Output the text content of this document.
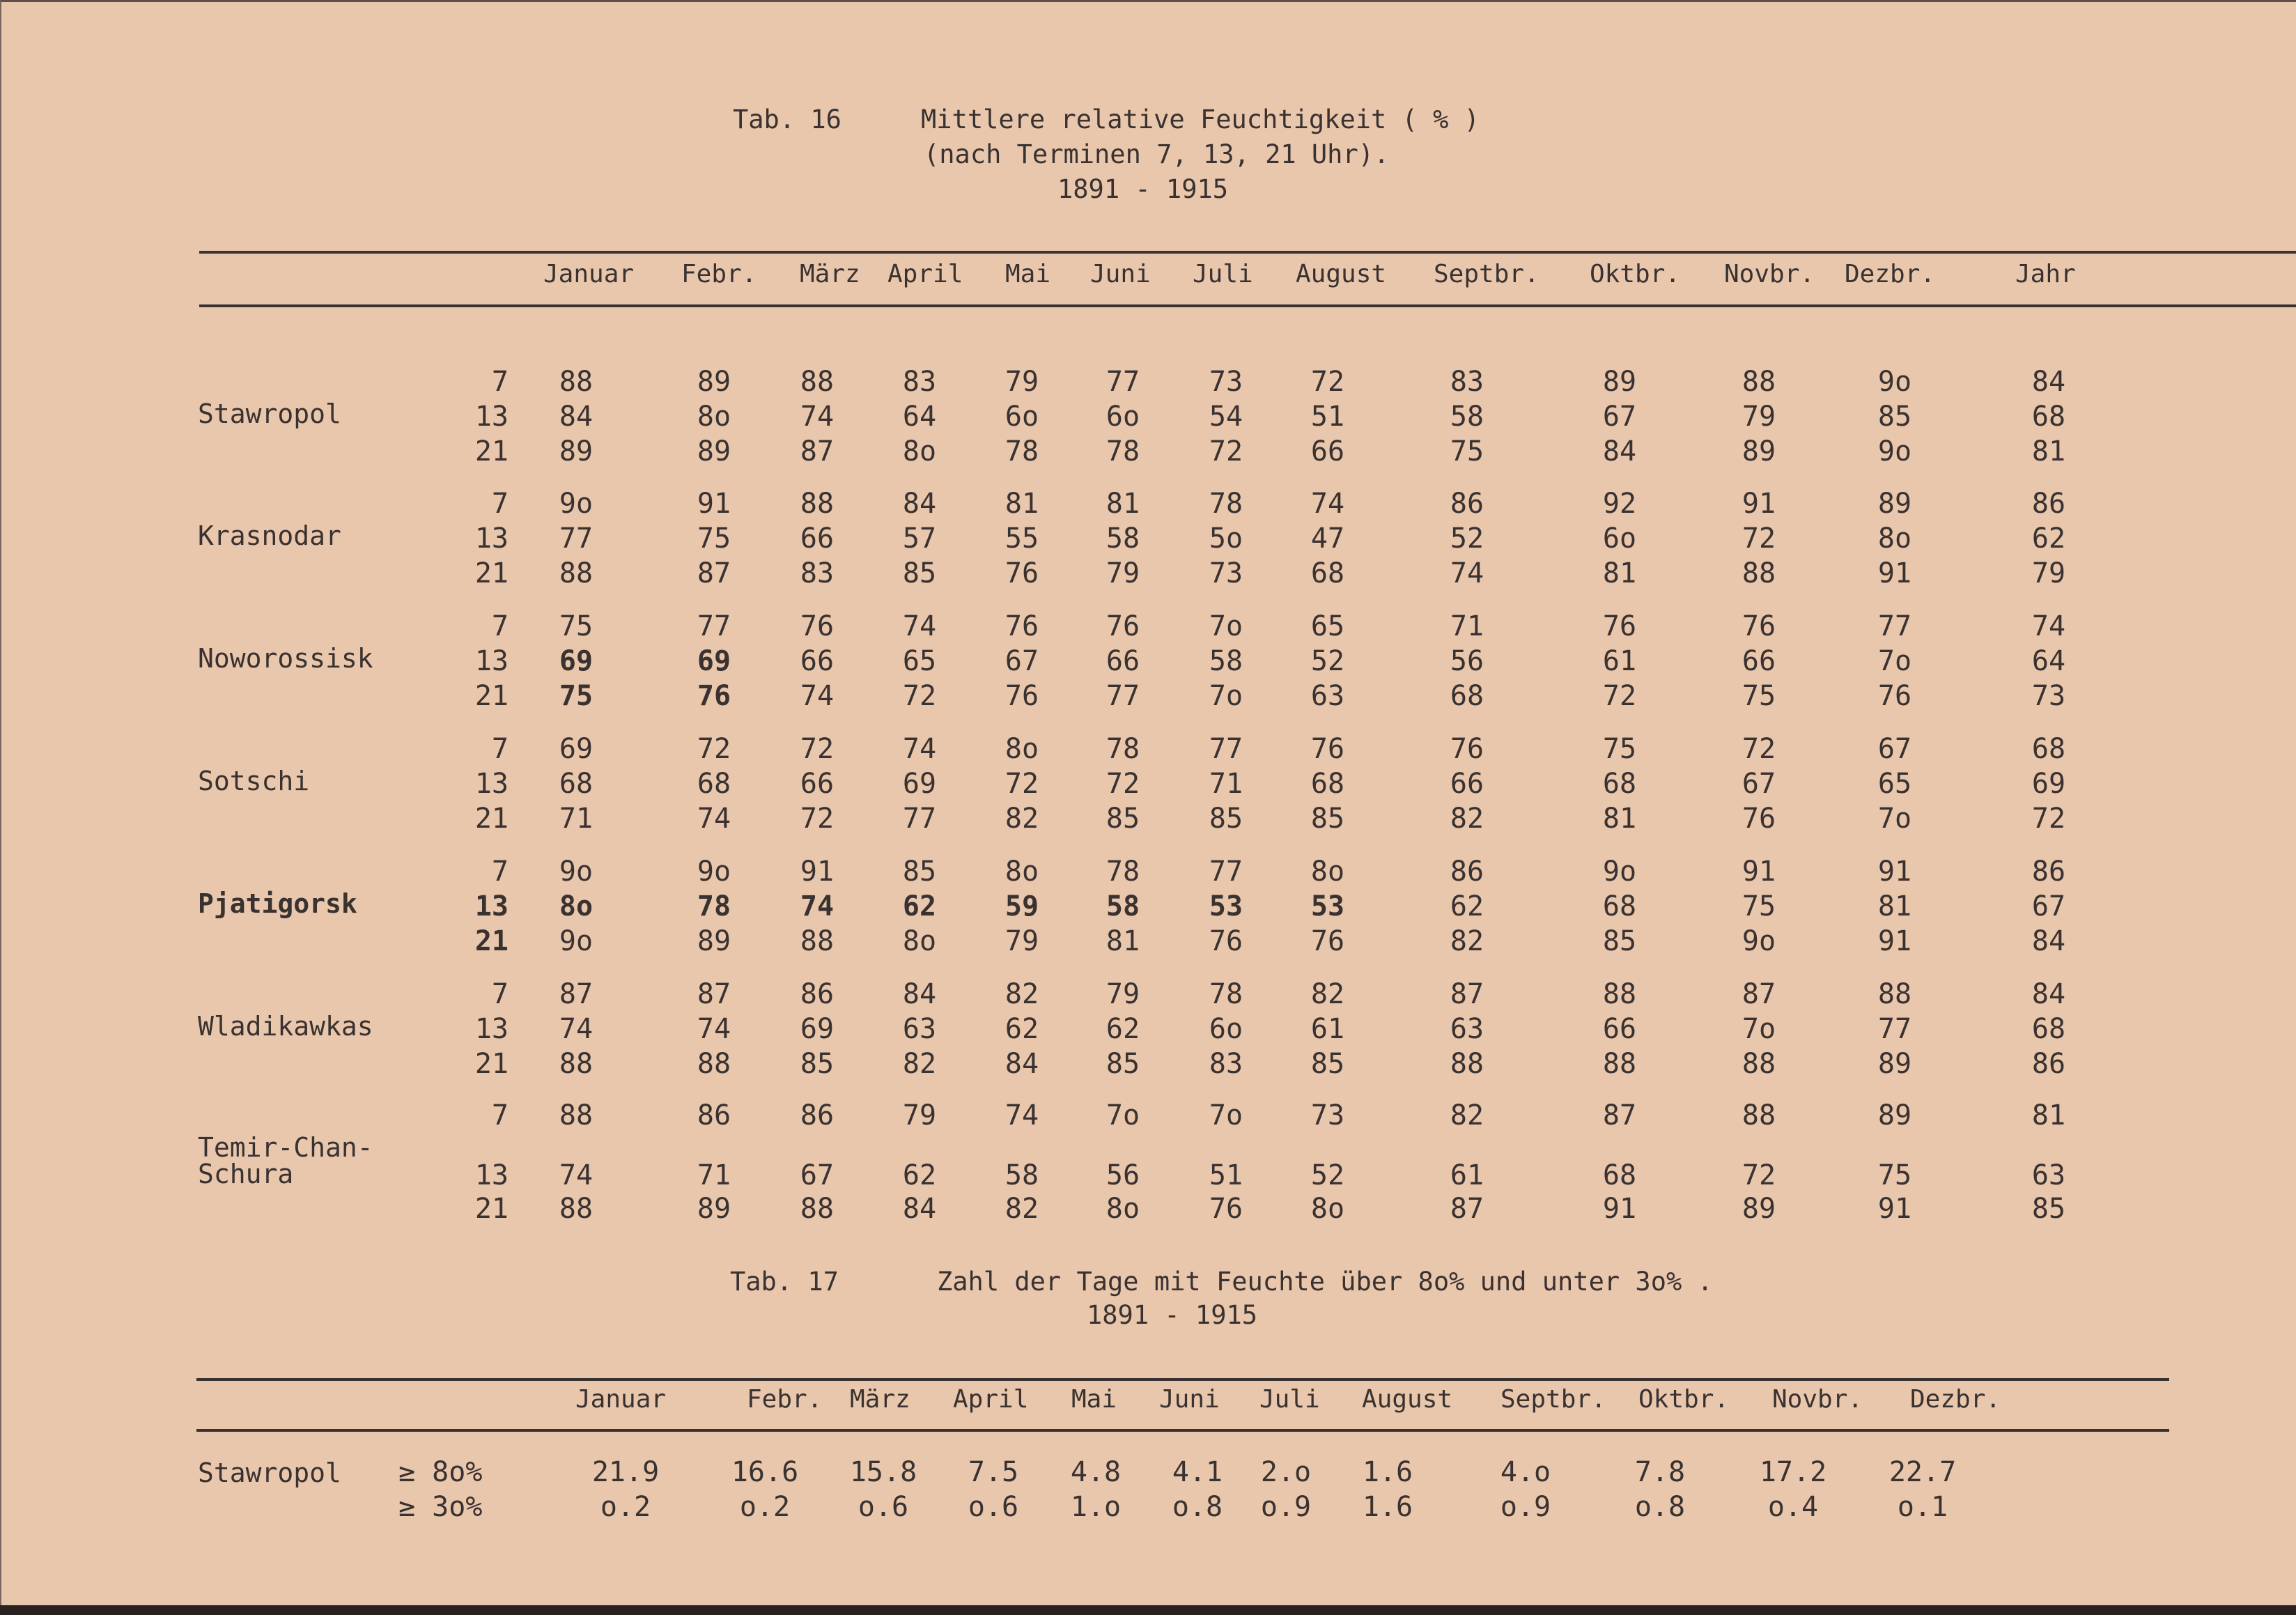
Tab. 16	Mittlere relative Feuchtigkeit ( % )
(nach Terminen 7, 13, 21 Uhr).
1891 - 1915
Januar Febr. März April Mai Juni Juli August Septbr. Oktbr. Novbr. Dezbr.	Jahr
Stawropol
7 88	89 88 83 79 77 73 72	83	89	88	9o	84
13 84	8o 74 64 6o 6o 54 51	58	67	79	85	68
21 89	89 87 8o 78 78 72 66	75	84	89	9o	81
Krasnodar
7 9o	91 88 84 81 81 78 74	86	92	91	89	86
13 77	75 66 57 55 58 5o 47	52	6o	72	8o	62
21 88	87 83 85 76 79 73 68	74	81	88	91	79
Noworossisk
7 75	77 76 74 76 76 7o 65	71	76	76	77	74
13 69	69 66 65 67 66 58 52	56	61	66	7o	64
21 75	76 74 72 76 77 7o 63	68	72	75	76	73
Sotschi
7 69	72 72 74 8o 78 77 76	76	75	72	67	68
13 68	68 66 69 72 72 71 68	66	68	67	65	69
21 71	74 72 77 82 85 85 85	82	81	76	7o	72
Pjatigorsk
7 9o	9o 91 85 8o 78 77 8o	86	9o	91	91	86
13 8o	78 74 62 59 58 53 53	62	68	75	81	67
21 9o	89 88 8o 79 81 76 76	82	85	9o	91	84
Wladikawkas
7 87	87 86 84 82 79 78 82	87	88	87	88	84
13 74	74 69 63 62 62 6o 61	63	66	7o	77	68
21 88	88 85 82 84 85 83 85	88	88	88	89	86
Temir-Chan-
Schura
7 88	86 86 79 74 7o 7o 73	82	87	88	89	81
13 74	71 67 62 58 56 51 52	61	68	72	75	63
21 88	89 88 84 82 8o 76 8o	87	91	89	91	85
Tab. 17	Zahl der Tage mit Feuchte über 8o% und unter 3o% .
1891 - 1915
Januar	Febr. März April Mai Juni Juli August Septbr. Oktbr. Novbr. Dezbr.
Stawropol ≥ 8o%	21.9	16.6 15.8 7.5 4.8 4.1 2.o 1.6	4.o	7.8	17.2 22.7
≥ 3o%	o.2	o.2 o.6 o.6 1.o o.8 o.9 1.6	o.9	o.8	o.4	o.1
